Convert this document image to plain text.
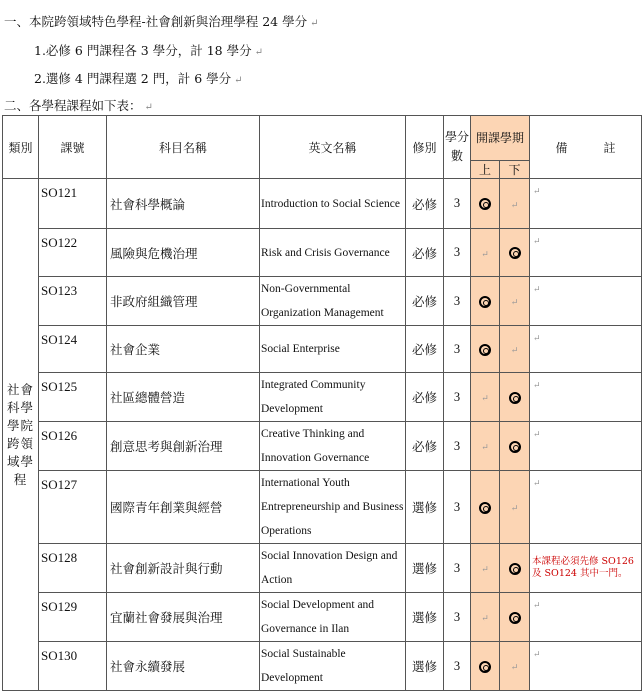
一、本院跨領域特色學程-社會創新與治理學程 24 學分 ↵
1.必修 6 門課程各 3 學分，計 18 學分 ↵
2.選修 4 門課程選 2 門，計 6 學分 ↵
二、各學程課程如下表： ↵
類別	課號	科目名稱	英文名稱	修別	學分數	開課學期		備　　　註
						上	下	
社會科學學院跨領域學程	SO121	社會科學概論	Introduction to Social Science	必修	3		↵	↵
	SO122	風險與危機治理	Risk and Crisis Governance	必修	3	↵		↵
	SO123	非政府組織管理	Non-Governmental Organization Management	必修	3		↵	↵
	SO124	社會企業	Social Enterprise	必修	3		↵	↵
	SO125	社區總體營造	Integrated Community Development	必修	3	↵		↵
	SO126	創意思考與創新治理	Creative Thinking and Innovation Governance	必修	3	↵		↵
	SO127	國際青年創業與經營	International Youth Entrepreneurship and Business Operations	選修	3		↵	↵
	SO128	社會創新設計與行動	Social Innovation Design and Action	選修	3	↵		本課程必須先修 SO126 及 SO124 其中一門。
	SO129	宜蘭社會發展與治理	Social Development and Governance in Ilan	選修	3	↵		↵
	SO130	社會永續發展	Social Sustainable Development	選修	3		↵	↵
